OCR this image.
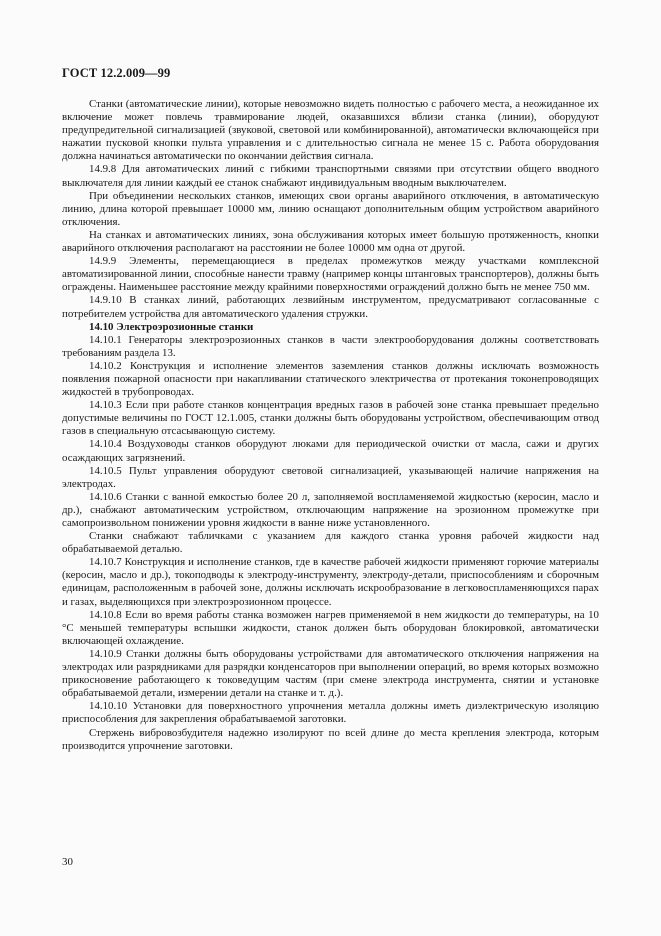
ГОСТ 12.2.009—99

Станки (автоматические линии), которые невозможно видеть полностью с рабочего места, а неожиданное их включение может повлечь травмирование людей, оказавшихся вблизи станка (линии), оборудуют предупредительной сигнализацией (звуковой, световой или комбинированной), автоматически включающейся при нажатии пусковой кнопки пульта управления и с длительностью сигнала не менее 15 с. Работа оборудования должна начинаться автоматически по окончании действия сигнала.

14.9.8 Для автоматических линий с гибкими транспортными связями при отсутствии общего вводного выключателя для линии каждый ее станок снабжают индивидуальным вводным выключателем.

При объединении нескольких станков, имеющих свои органы аварийного отключения, в автоматическую линию, длина которой превышает 10000 мм, линию оснащают дополнительным общим устройством аварийного отключения.

На станках и автоматических линиях, зона обслуживания которых имеет большую протяженность, кнопки аварийного отключения располагают на расстоянии не более 10000 мм одна от другой.

14.9.9 Элементы, перемещающиеся в пределах промежутков между участками комплексной автоматизированной линии, способные нанести травму (например концы штанговых транспортеров), должны быть ограждены. Наименьшее расстояние между крайними поверхностями ограждений должно быть не менее 750 мм.

14.9.10 В станках линий, работающих лезвийным инструментом, предусматривают согласованные с потребителем устройства для автоматического удаления стружки.

14.10 Электроэрозионные станки

14.10.1 Генераторы электроэрозионных станков в части электрооборудования должны соответствовать требованиям раздела 13.

14.10.2 Конструкция и исполнение элементов заземления станков должны исключать возможность появления пожарной опасности при накапливании статического электричества от протекания токонепроводящих жидкостей в трубопроводах.

14.10.3 Если при работе станков концентрация вредных газов в рабочей зоне станка превышает предельно допустимые величины по ГОСТ 12.1.005, станки должны быть оборудованы устройством, обеспечивающим отвод газов в специальную отсасывающую систему.

14.10.4 Воздуховоды станков оборудуют люками для периодической очистки от масла, сажи и других осаждающих загрязнений.

14.10.5 Пульт управления оборудуют световой сигнализацией, указывающей наличие напряжения на электродах.

14.10.6 Станки с ванной емкостью более 20 л, заполняемой воспламеняемой жидкостью (керосин, масло и др.), снабжают автоматическим устройством, отключающим напряжение на эрозионном промежутке при самопроизвольном понижении уровня жидкости в ванне ниже установленного.

Станки снабжают табличками с указанием для каждого станка уровня рабочей жидкости над обрабатываемой деталью.

14.10.7 Конструкция и исполнение станков, где в качестве рабочей жидкости применяют горючие материалы (керосин, масло и др.), токоподводы к электроду-инструменту, электроду-детали, приспособлениям и сборочным единицам, расположенным в рабочей зоне, должны исключать искрообразование в легковоспламеняющихся парах и газах, выделяющихся при электроэрозионном процессе.

14.10.8 Если во время работы станка возможен нагрев применяемой в нем жидкости до температуры, на 10 °С меньшей температуры вспышки жидкости, станок должен быть оборудован блокировкой, автоматически включающей охлаждение.

14.10.9 Станки должны быть оборудованы устройствами для автоматического отключения напряжения на электродах или разрядниками для разрядки конденсаторов при выполнении операций, во время которых возможно прикосновение работающего к токоведущим частям (при смене электрода инструмента, снятии и установке обрабатываемой детали, измерении детали на станке и т. д.).

14.10.10 Установки для поверхностного упрочнения металла должны иметь диэлектрическую изоляцию приспособления для закрепления обрабатываемой заготовки.

Стержень вибровозбудителя надежно изолируют по всей длине до места крепления электрода, которым производится упрочнение заготовки.

30
